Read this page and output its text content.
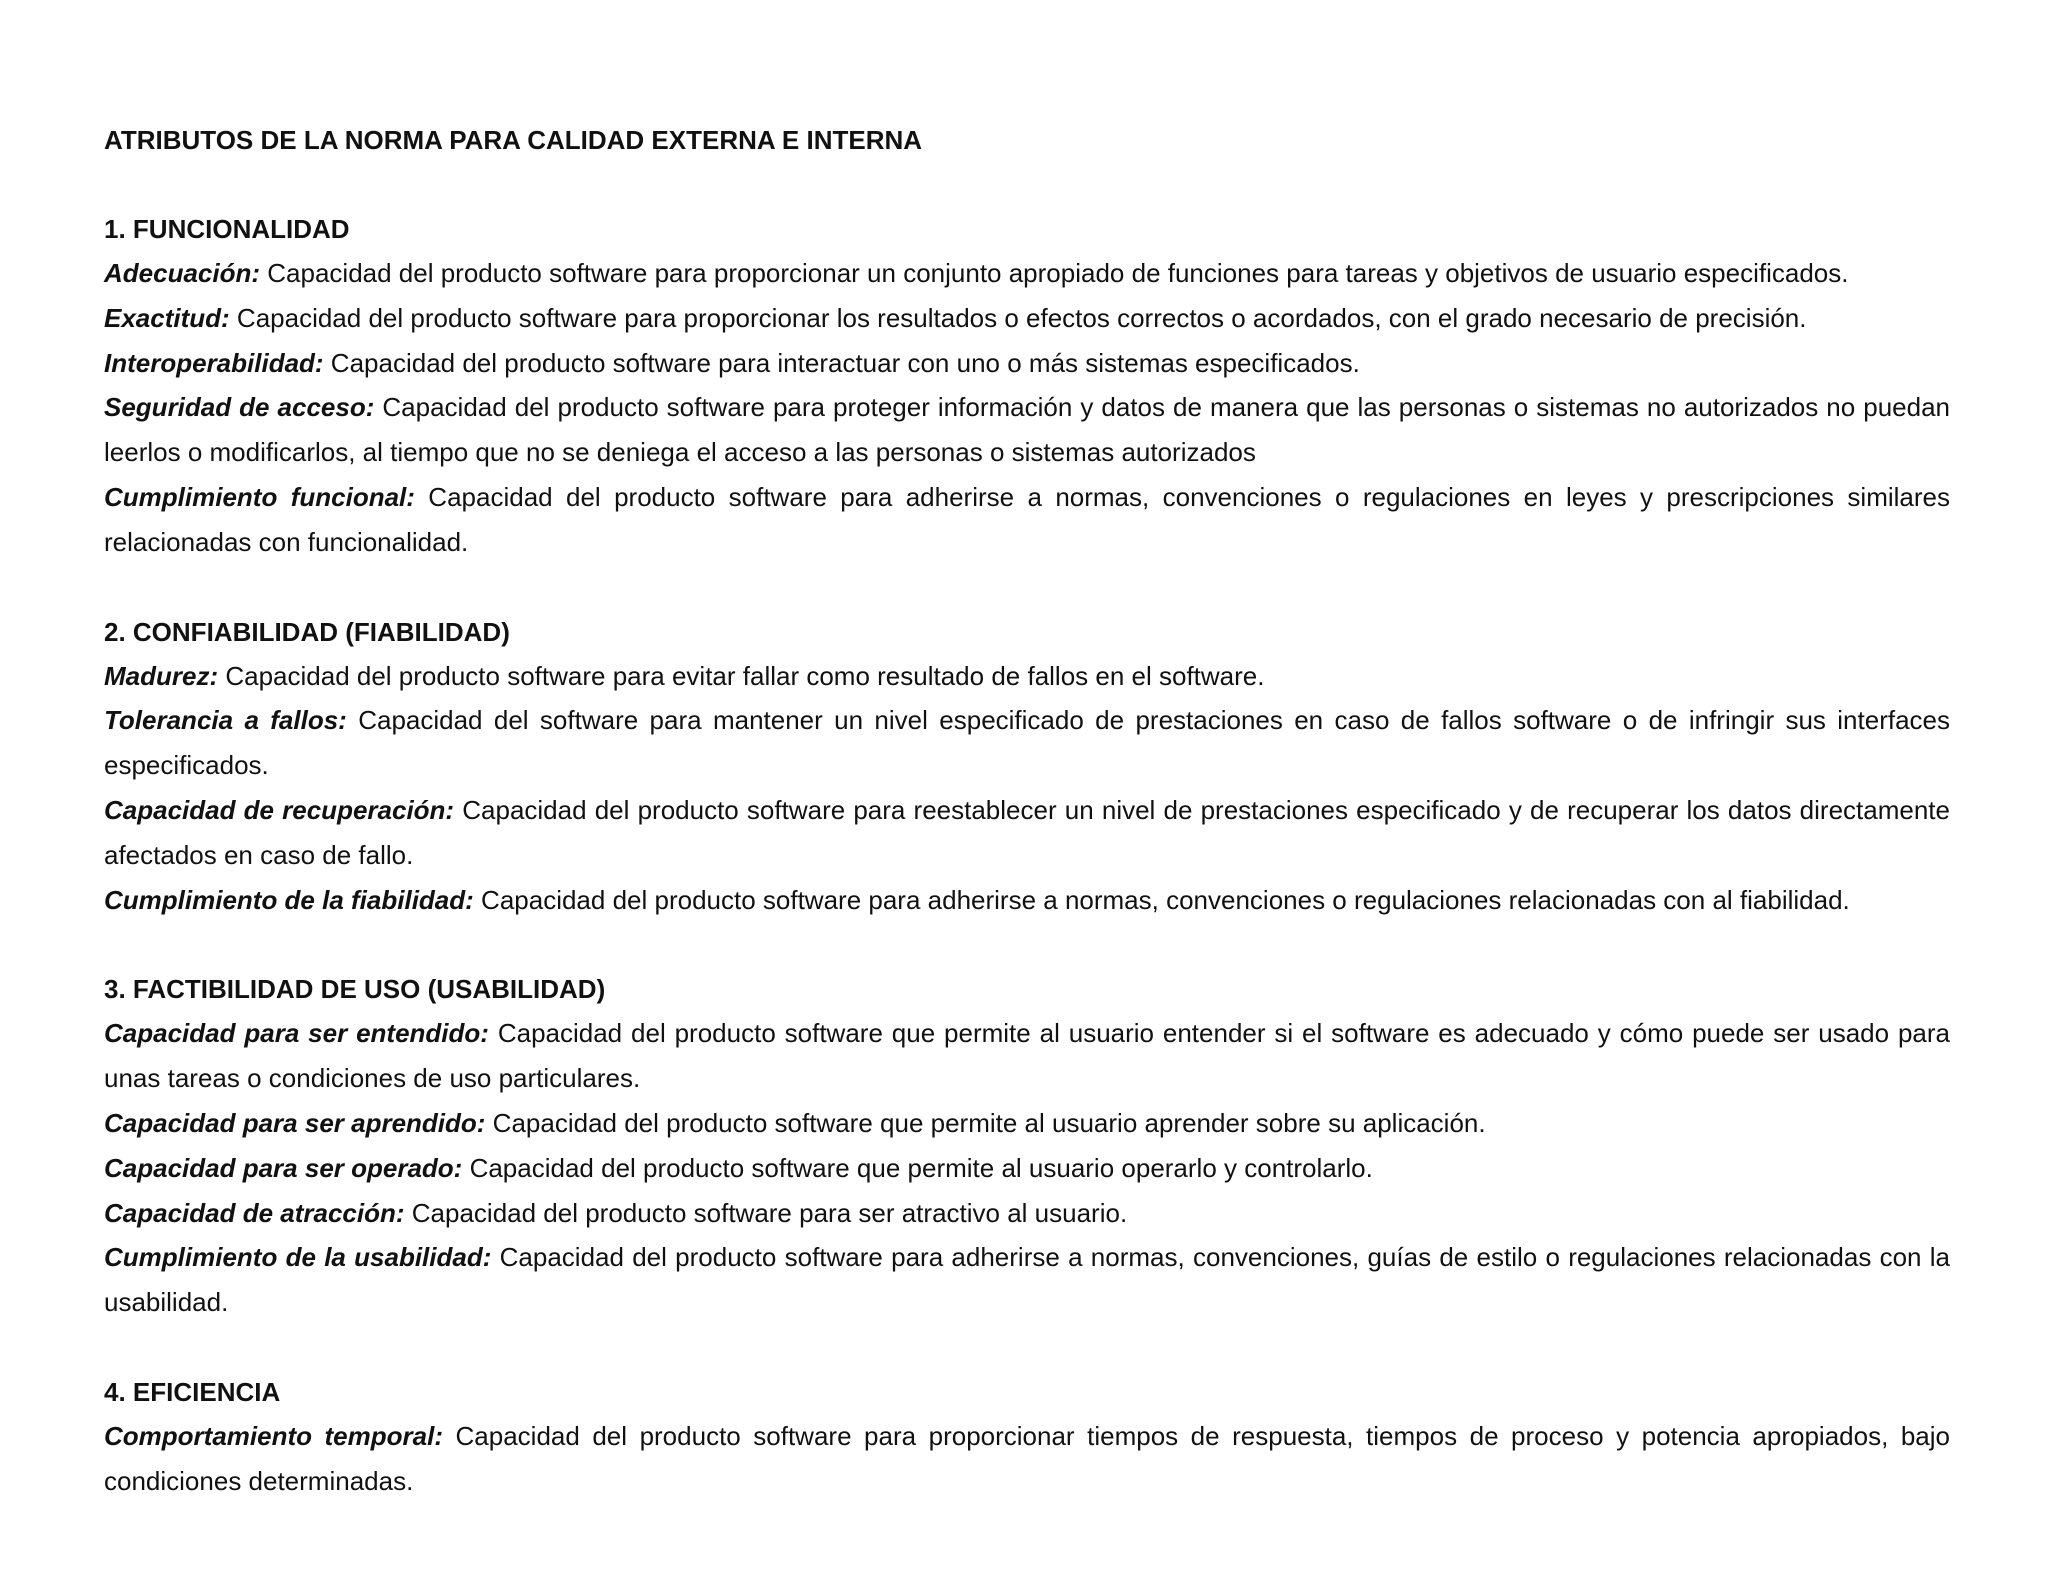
ATRIBUTOS DE LA NORMA PARA CALIDAD EXTERNA E INTERNA

1. FUNCIONALIDAD

Adecuación: Capacidad del producto software para proporcionar un conjunto apropiado de funciones para tareas y objetivos de usuario especificados.

Exactitud: Capacidad del producto software para proporcionar los resultados o efectos correctos o acordados, con el grado necesario de precisión.

Interoperabilidad: Capacidad del producto software para interactuar con uno o más sistemas especificados.

Seguridad de acceso: Capacidad del producto software para proteger información y datos de manera que las personas o sistemas no autorizados no puedan leerlos o modificarlos, al tiempo que no se deniega el acceso a las personas o sistemas autorizados

Cumplimiento funcional: Capacidad del producto software para adherirse a normas, convenciones o regulaciones en leyes y prescripciones similares relacionadas con funcionalidad.

2. CONFIABILIDAD (FIABILIDAD)

Madurez: Capacidad del producto software para evitar fallar como resultado de fallos en el software.

Tolerancia a fallos: Capacidad del software para mantener un nivel especificado de prestaciones en caso de fallos software o de infringir sus interfaces especificados.

Capacidad de recuperación: Capacidad del producto software para reestablecer un nivel de prestaciones especificado y de recuperar los datos directamente afectados en caso de fallo.

Cumplimiento de la fiabilidad: Capacidad del producto software para adherirse a normas, convenciones o regulaciones relacionadas con al fiabilidad.

3. FACTIBILIDAD DE USO (USABILIDAD)

Capacidad para ser entendido: Capacidad del producto software que permite al usuario entender si el software es adecuado y cómo puede ser usado para unas tareas o condiciones de uso particulares.

Capacidad para ser aprendido: Capacidad del producto software que permite al usuario aprender sobre su aplicación.

Capacidad para ser operado: Capacidad del producto software que permite al usuario operarlo y controlarlo.

Capacidad de atracción: Capacidad del producto software para ser atractivo al usuario.

Cumplimiento de la usabilidad: Capacidad del producto software para adherirse a normas, convenciones, guías de estilo o regulaciones relacionadas con la usabilidad.

4. EFICIENCIA

Comportamiento temporal: Capacidad del producto software para proporcionar tiempos de respuesta, tiempos de proceso y potencia apropiados, bajo condiciones determinadas.
